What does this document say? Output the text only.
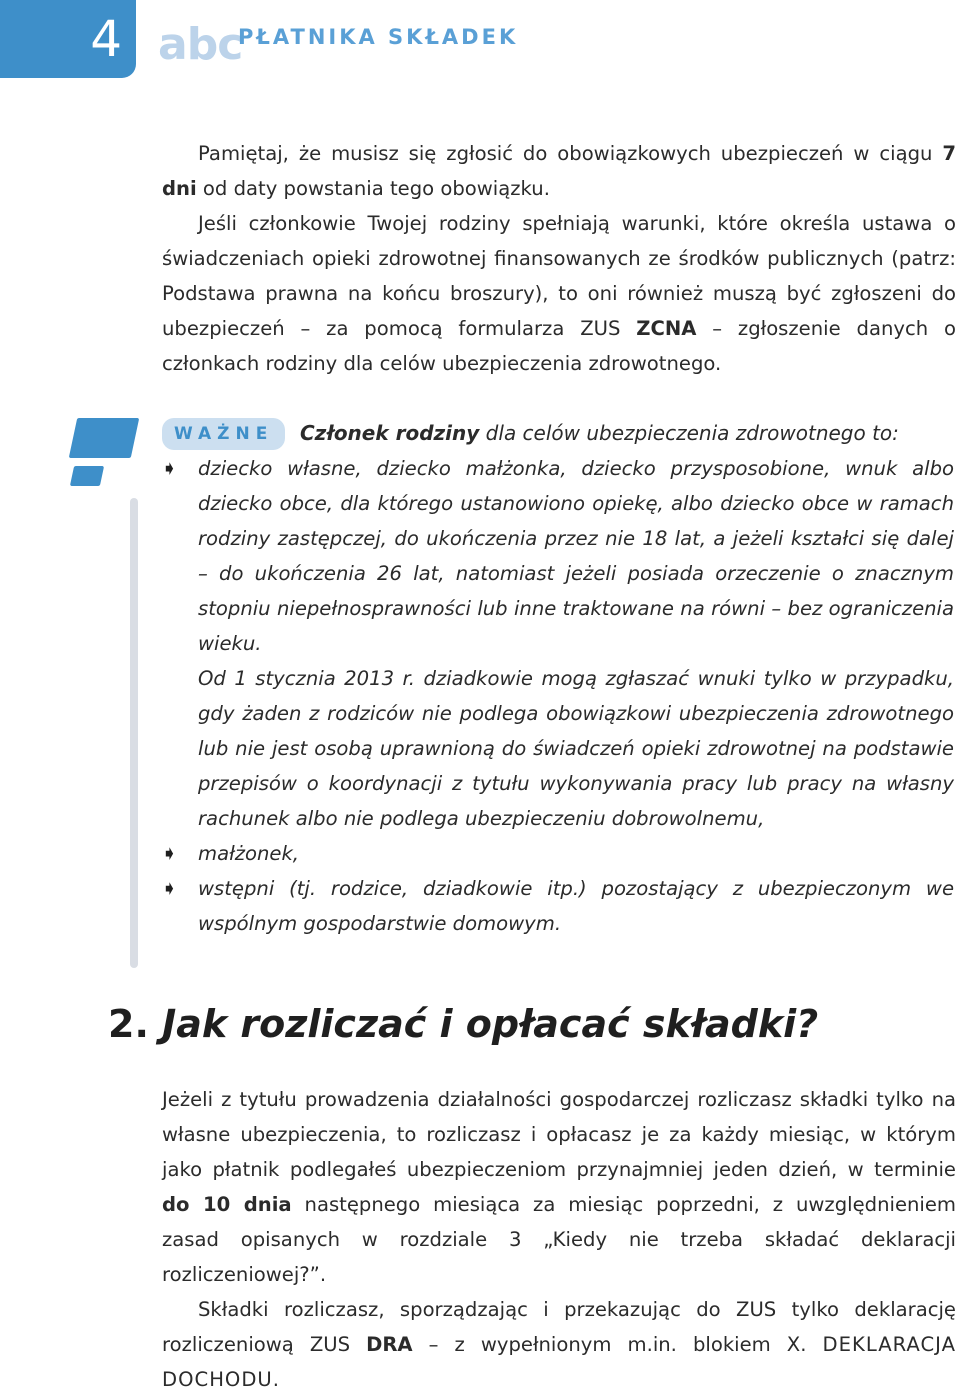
4 abc
PŁATNIKA SKŁADEK

Pamiętaj, że musisz się zgłosić do obowiązkowych ubezpieczeń w ciągu 7 dni od daty powstania tego obowiązku.

Jeśli członkowie Twojej rodziny spełniają warunki, które określa ustawa o świadczeniach opieki zdrowotnej finansowanych ze środków publicznych (patrz: Podstawa prawna na końcu broszury), to oni również muszą być zgłoszeni do ubezpieczeń – za pomocą formularza ZUS ZCNA – zgłoszenie danych o członkach rodziny dla celów ubezpieczenia zdrowotnego.

WAŻNE	Członek rodziny dla celów ubezpieczenia zdrowotnego to:
➧ dziecko własne, dziecko małżonka, dziecko przysposobione, wnuk albo dziecko obce, dla którego ustanowiono opiekę, albo dziecko obce w ramach rodziny zastępczej, do ukończenia przez nie 18 lat, a jeżeli kształci się dalej – do ukończenia 26 lat, natomiast jeżeli posiada orzeczenie o znacznym stopniu niepełnosprawności lub inne traktowane na równi – bez ograniczenia wieku.

Od 1 stycznia 2013 r. dziadkowie mogą zgłaszać wnuki tylko w przypadku, gdy żaden z rodziców nie podlega obowiązkowi ubezpieczenia zdrowotnego lub nie jest osobą uprawnioną do świadczeń opieki zdrowotnej na podstawie przepisów o koordynacji z tytułu wykonywania pracy lub pracy na własny rachunek albo nie podlega ubezpieczeniu dobrowolnemu,

➧ małżonek,

➧ wstępni (tj. rodzice, dziadkowie itp.) pozostający z ubezpieczonym we wspólnym gospodarstwie domowym.

2. Jak rozliczać i opłacać składki?

Jeżeli z tytułu prowadzenia działalności gospodarczej rozliczasz składki tylko na własne ubezpieczenia, to rozliczasz i opłacasz je za każdy miesiąc, w którym jako płatnik podlegałeś ubezpieczeniom przynajmniej jeden dzień, w terminie do 10 dnia następnego miesiąca za miesiąc poprzedni, z uwzględnieniem zasad opisanych w rozdziale 3 „Kiedy nie trzeba składać deklaracji rozliczeniowej?”.

Składki rozliczasz, sporządzając i przekazując do ZUS tylko deklarację rozliczeniową ZUS DRA – z wypełnionym m.in. blokiem X. DEKLARACJA DOCHODU.
